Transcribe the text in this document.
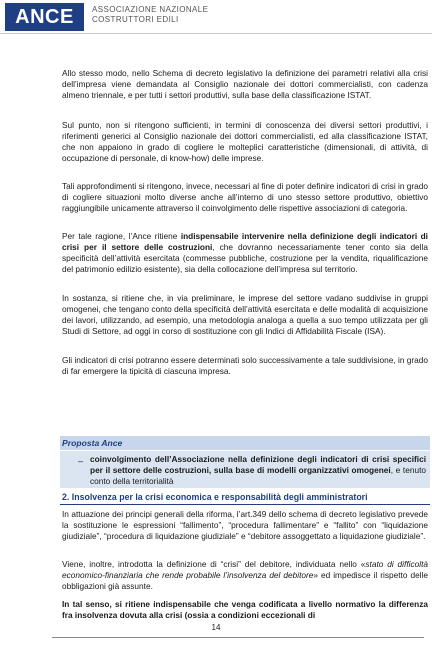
ANCE	ASSOCIAZIONE NAZIONALE
COSTRUTTORI EDILI

Allo stesso modo, nello Schema di decreto legislativo la definizione dei parametri relativi alla crisi dell’impresa viene demandata al Consiglio nazionale dei dottori commercialisti, con cadenza almeno triennale, e per tutti i settori produttivi, sulla base della classificazione ISTAT.

Sul punto, non si ritengono sufficienti, in termini di conoscenza dei diversi settori produttivi, i riferimenti generici al Consiglio nazionale dei dottori commercialisti, ed alla classificazione ISTAT, che non appaiono in grado di cogliere le molteplici caratteristiche (dimensionali, di attività, di occupazione di personale, di know-how) delle imprese.

Tali approfondimenti si ritengono, invece, necessari al fine di poter definire indicatori di crisi in grado di cogliere situazioni molto diverse anche all’interno di uno stesso settore produttivo, obiettivo raggiungibile unicamente attraverso il coinvolgimento delle rispettive associazioni di categoria.

Per tale ragione, l’Ance ritiene indispensabile intervenire nella definizione degli indicatori di crisi per il settore delle costruzioni, che dovranno necessariamente tener conto sia della specificità dell’attività esercitata (commesse pubbliche, costruzione per la vendita, riqualificazione del patrimonio edilizio esistente), sia della collocazione dell’impresa sul territorio.

In sostanza, si ritiene che, in via preliminare, le imprese del settore vadano suddivise in gruppi omogenei, che tengano conto della specificità dell’attività esercitata e delle modalità di acquisizione dei lavori, utilizzando, ad esempio, una metodologia analoga a quella a suo tempo utilizzata per gli Studi di Settore, ad oggi in corso di sostituzione con gli Indici di Affidabilità Fiscale (ISA).

Gli indicatori di crisi potranno essere determinati solo successivamente a tale suddivisione, in grado di far emergere la tipicità di ciascuna impresa.

Proposta Ance
– coinvolgimento dell’Associazione nella definizione degli indicatori di crisi specifici per il settore delle costruzioni, sulla base di modelli organizzativi omogenei, e tenuto conto della territorialità
2. Insolvenza per la crisi economica e responsabilità degli amministratori

In attuazione dei principi generali della riforma, l’art.349 dello schema di decreto legislativo prevede la sostituzione le espressioni “fallimento”, “procedura fallimentare” e “fallito” con “liquidazione giudiziale”, “procedura di liquidazione giudiziale” e “debitore assoggettato a liquidazione giudiziale”.

Viene, inoltre, introdotta la definizione di “crisi” del debitore, individuata nello «stato di difficoltà economico-finanziaria che rende probabile l’insolvenza del debitore» ed impedisce il rispetto delle obbligazioni già assunte.

In tal senso, si ritiene indispensabile che venga codificata a livello normativo la differenza fra insolvenza dovuta alla crisi (ossia a condizioni eccezionali di

14
